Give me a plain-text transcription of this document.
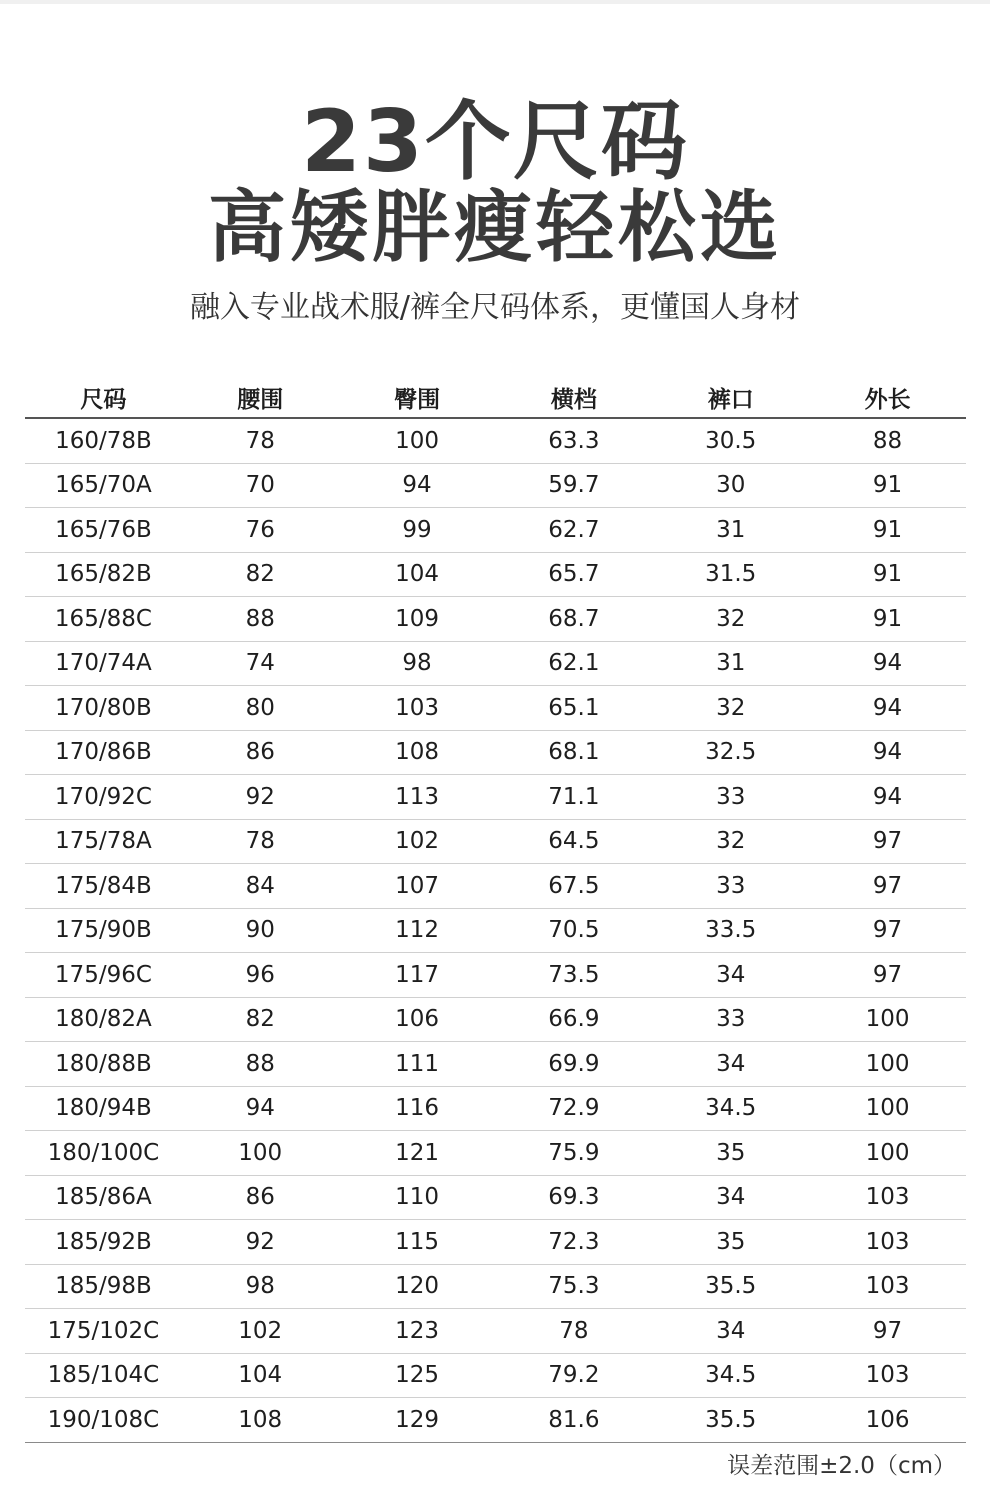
23个尺码
高矮胖瘦轻松选
融入专业战术服/裤全尺码体系，更懂国人身材
尺码	腰围	臀围	横档	裤口	外长
160/78B	78	100	63.3	30.5	88
165/70A	70	94	59.7	30	91
165/76B	76	99	62.7	31	91
165/82B	82	104	65.7	31.5	91
165/88C	88	109	68.7	32	91
170/74A	74	98	62.1	31	94
170/80B	80	103	65.1	32	94
170/86B	86	108	68.1	32.5	94
170/92C	92	113	71.1	33	94
175/78A	78	102	64.5	32	97
175/84B	84	107	67.5	33	97
175/90B	90	112	70.5	33.5	97
175/96C	96	117	73.5	34	97
180/82A	82	106	66.9	33	100
180/88B	88	111	69.9	34	100
180/94B	94	116	72.9	34.5	100
180/100C	100	121	75.9	35	100
185/86A	86	110	69.3	34	103
185/92B	92	115	72.3	35	103
185/98B	98	120	75.3	35.5	103
175/102C	102	123	78	34	97
185/104C	104	125	79.2	34.5	103
190/108C	108	129	81.6	35.5	106
误差范围±2.0（cm）
